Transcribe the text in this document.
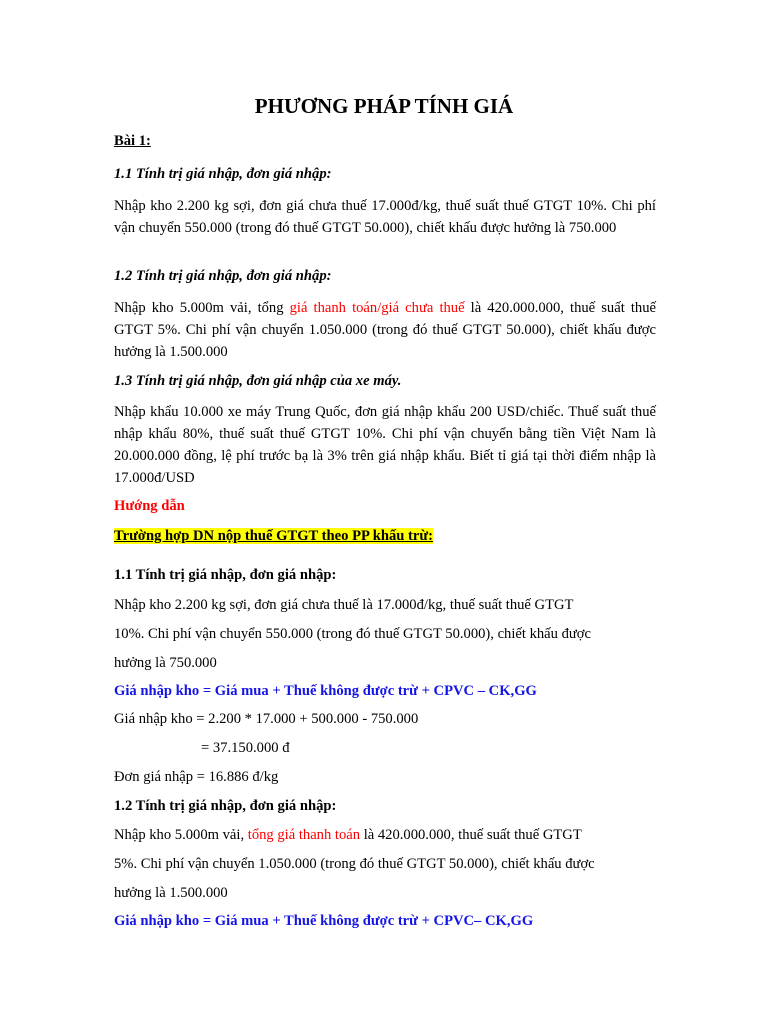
PHƯƠNG PHÁP TÍNH GIÁ
Bài 1:
1.1 Tính trị giá nhập, đơn giá nhập:
Nhập kho 2.200 kg sợi, đơn giá chưa thuế 17.000đ/kg, thuế suất thuế GTGT 10%. Chi phí vận chuyển 550.000 (trong đó thuế GTGT 50.000), chiết khấu được hưởng là 750.000
1.2 Tính trị giá nhập, đơn giá nhập:
Nhập kho 5.000m vải, tổng giá thanh toán/giá chưa thuế là 420.000.000, thuế suất thuế GTGT 5%. Chi phí vận chuyển 1.050.000 (trong đó thuế GTGT 50.000), chiết khấu được hưởng là 1.500.000
1.3 Tính trị giá nhập, đơn giá nhập của xe máy.
Nhập khẩu 10.000 xe máy Trung Quốc, đơn giá nhập khẩu 200 USD/chiếc. Thuế suất thuế nhập khẩu 80%, thuế suất thuế GTGT 10%. Chi phí vận chuyển bằng tiền Việt Nam là 20.000.000 đồng, lệ phí trước bạ là 3% trên giá nhập khẩu. Biết tỉ giá tại thời điểm nhập là 17.000đ/USD
Hướng dẫn
Trường hợp DN nộp thuế GTGT theo PP khấu trừ:
1.1 Tính trị giá nhập, đơn giá nhập:
Nhập kho 2.200 kg sợi, đơn giá chưa thuế là 17.000đ/kg, thuế suất thuế GTGT
10%. Chi phí vận chuyển 550.000 (trong đó thuế GTGT 50.000), chiết khấu được
hưởng là 750.000
Giá nhập kho = Giá mua + Thuế không được trừ + CPVC – CK,GG
Giá nhập kho = 2.200 * 17.000 + 500.000 - 750.000
= 37.150.000 đ
Đơn giá nhập = 16.886 đ/kg
1.2 Tính trị giá nhập, đơn giá nhập:
Nhập kho 5.000m vải, tổng giá thanh toán là 420.000.000, thuế suất thuế GTGT
5%. Chi phí vận chuyển 1.050.000 (trong đó thuế GTGT 50.000), chiết khấu được
hưởng là 1.500.000
Giá nhập kho = Giá mua + Thuế không được trừ + CPVC– CK,GG
